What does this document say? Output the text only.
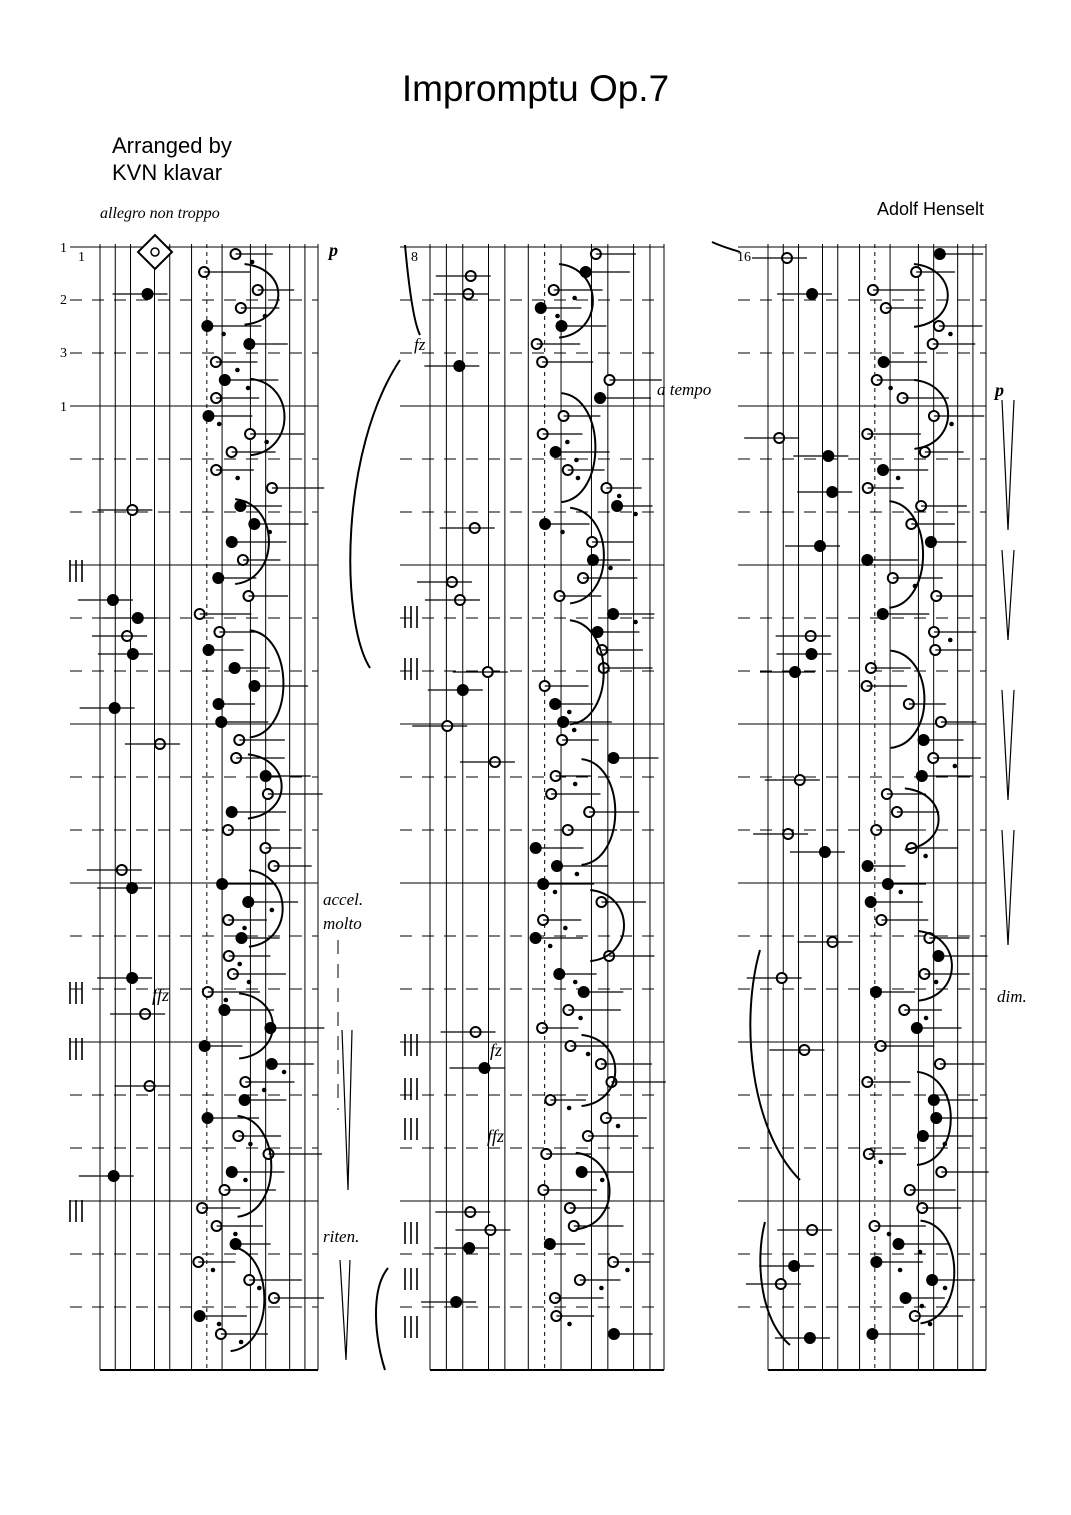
Impromptu Op.7
Arranged by
KVN klavar
Adolf Henselt
allegro non troppo
1
2
3
1
1	8	16
p
fz
a tempo	p
accel.
molto
ffz
fz
ffz
riten.
dim.
